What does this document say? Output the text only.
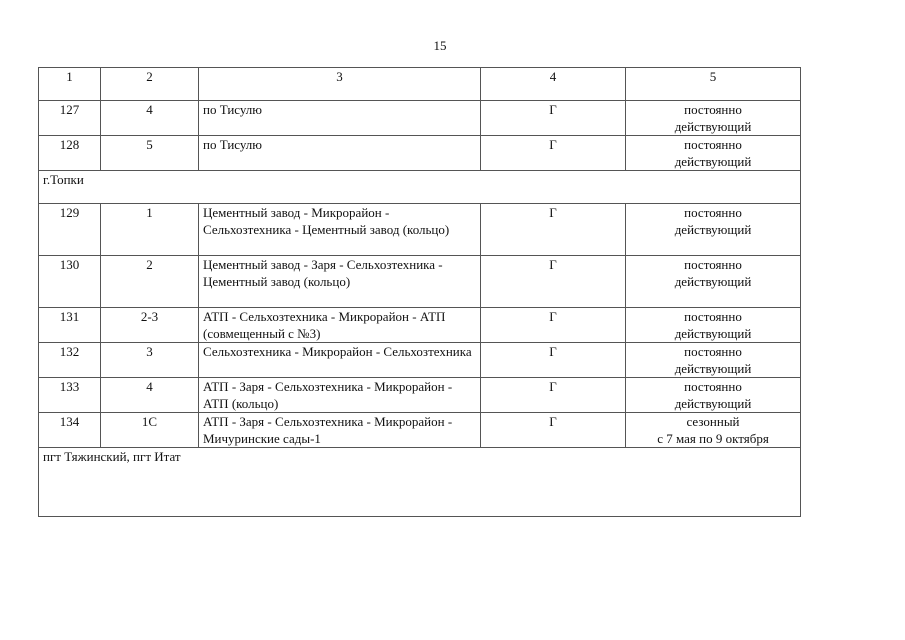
15
1	2	3	4	5
127	4	по Тисулю	Г	постоянно
действующий

128	5	по Тисулю	Г	постоянно
действующий

г.Топки				
129	1	Цементный завод - Микрорайон - Сельхозтехника - Цементный завод (кольцо)	Г	постоянно
действующий

130	2	Цементный завод - Заря - Сельхозтехника - Цементный завод (кольцо)	Г	постоянно
действующий

131	2-3	АТП - Сельхозтехника - Микрорайон - АТП (совмещенный с №3)	Г	постоянно
действующий

132	3	Сельхозтехника - Микрорайон - Сельхозтехника	Г	постоянно
действующий

133	4	АТП - Заря - Сельхозтехника - Микрорайон - АТП (кольцо)	Г	постоянно
действующий

134	1С	АТП - Заря - Сельхозтехника - Микрорайон - Мичуринские сады-1	Г	сезонный
с 7 мая по 9 октября

пгт Тяжинский, пгт Итат				
